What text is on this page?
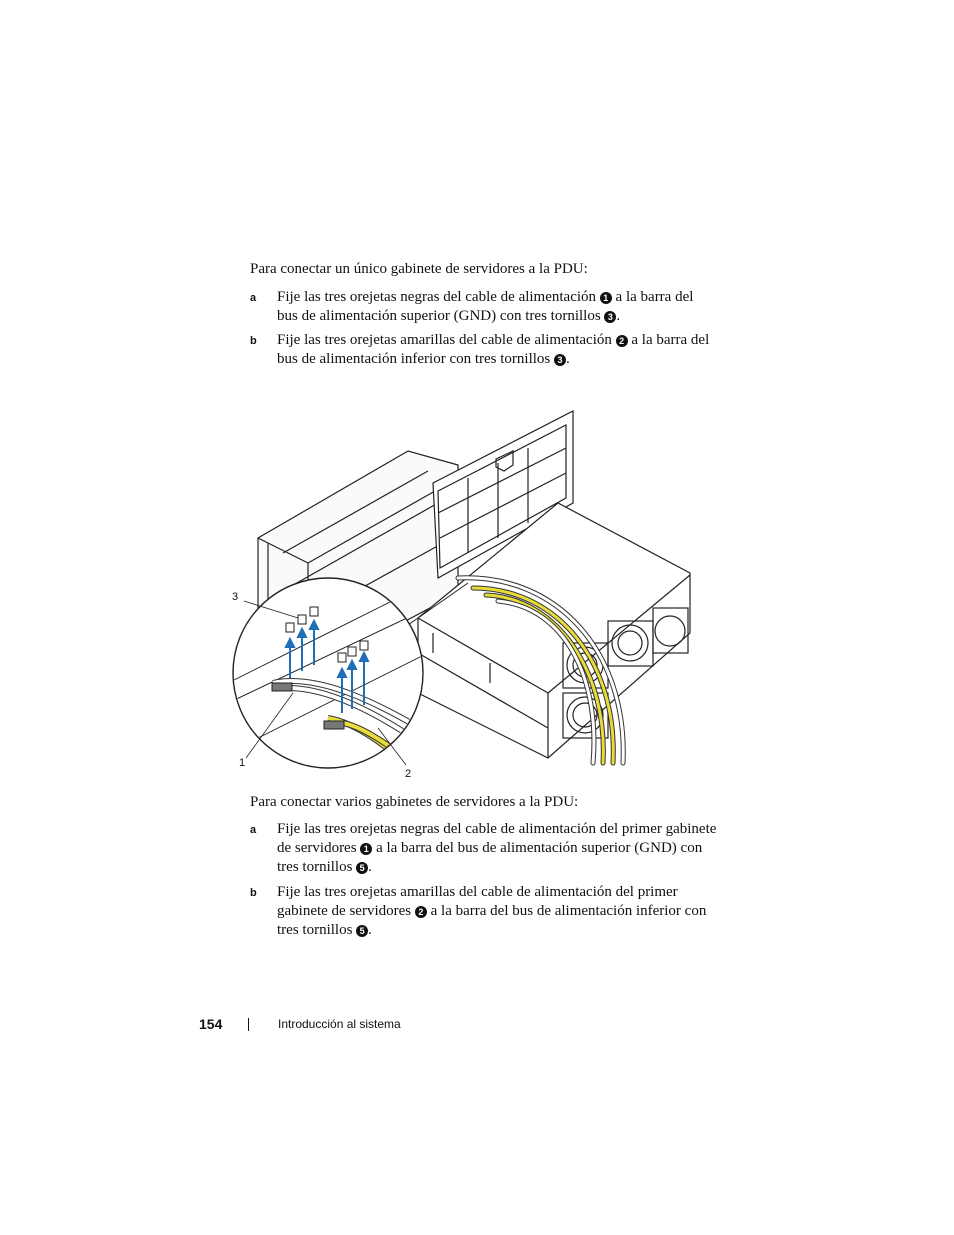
Para conectar un único gabinete de servidores a la PDU:

a Fije las tres orejetas negras del cable de alimentación 1 a la barra del bus de alimentación superior (GND) con tres tornillos 3 .
b Fije las tres orejetas amarillas del cable de alimentación 2 a la barra del bus de alimentación inferior con tres tornillos 3 .
3
1
2

Para conectar varios gabinetes de servidores a la PDU:

a Fije las tres orejetas negras del cable de alimentación del primer gabinete de servidores 1 a la barra del bus de alimentación superior (GND) con tres tornillos 5 .
b Fije las tres orejetas amarillas del cable de alimentación del primer gabinete de servidores 2 a la barra del bus de alimentación inferior con tres tornillos 5 .
154	Introducción al sistema
